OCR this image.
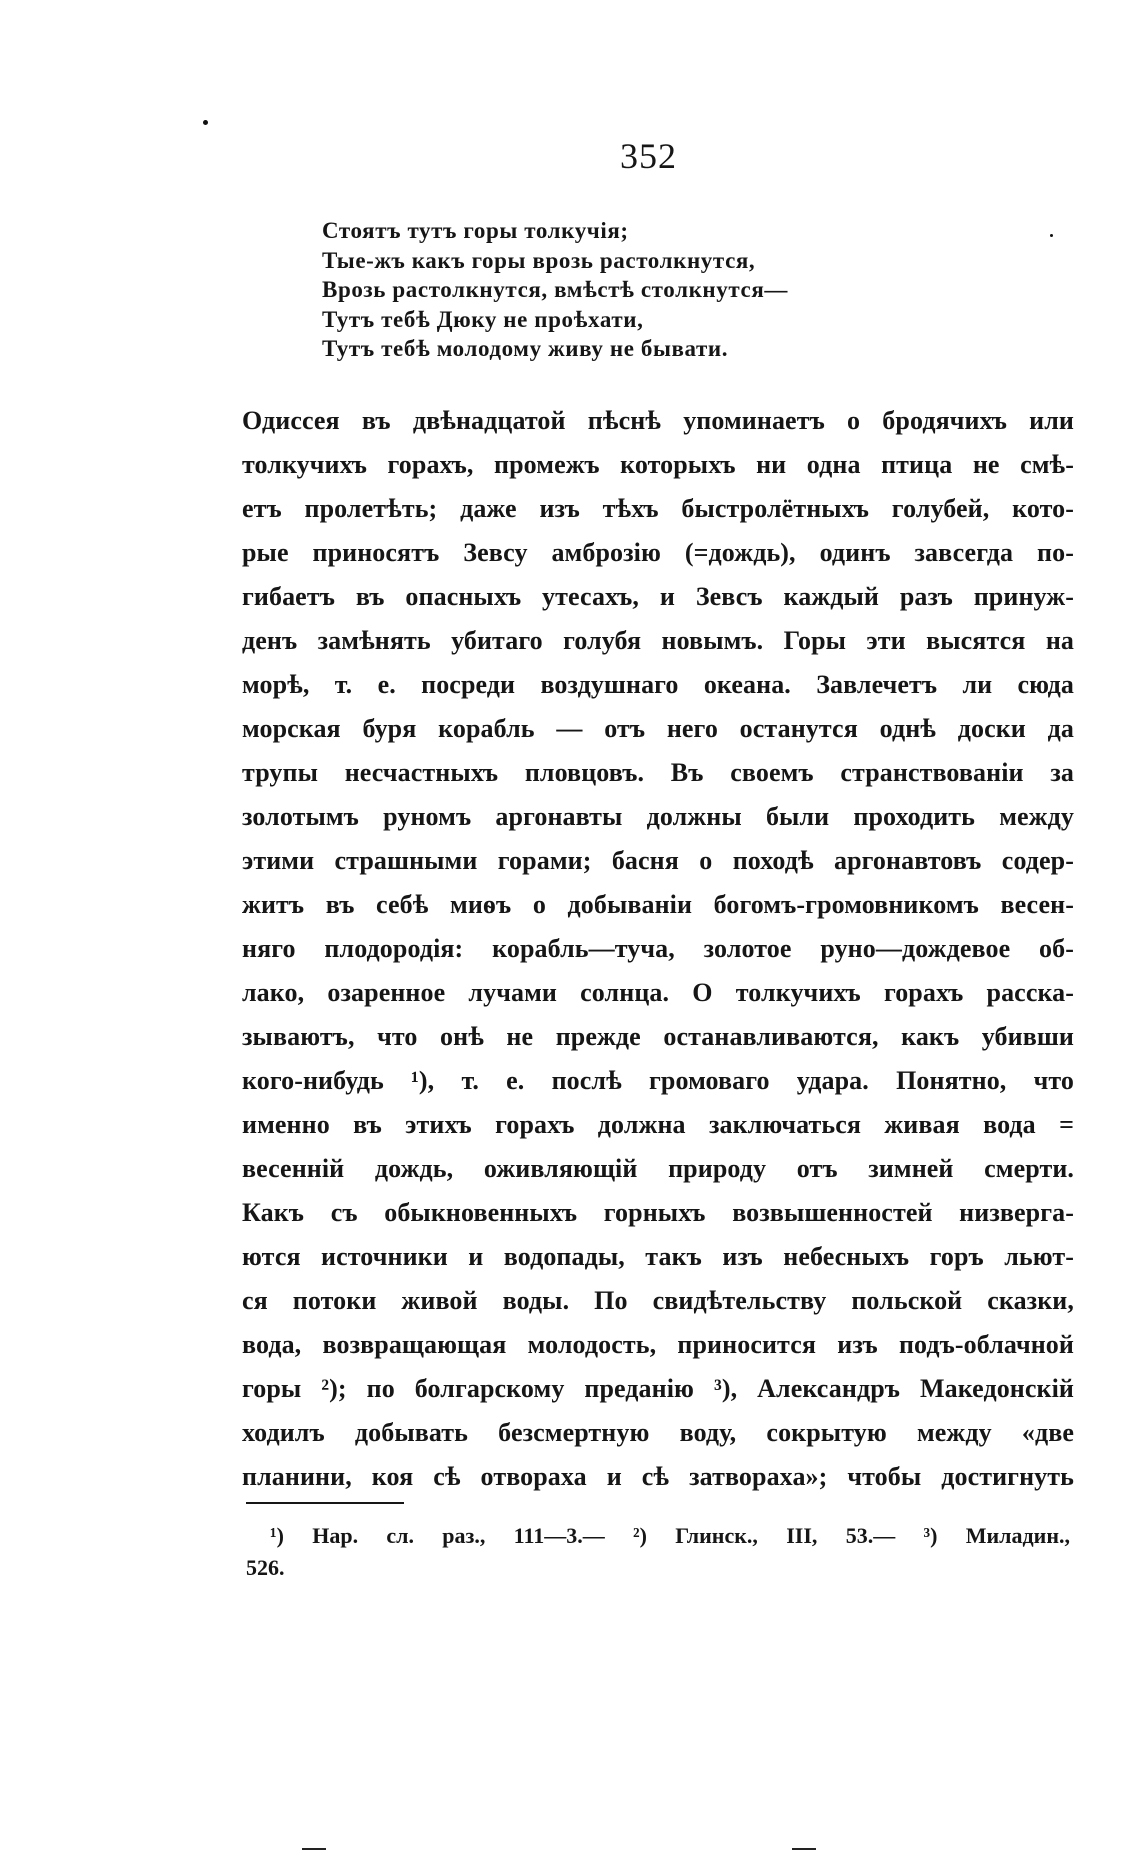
352
Стоятъ тутъ горы толкучія;
Тые-жъ какъ горы врозь растолкнутся,
Врозь растолкнутся, вмѣстѣ столкнутся—
Тутъ тебѣ Дюку не проѣхати,
Тутъ тебѣ молодому живу не бывати.
Одиссея въ двѣнадцатой пѣснѣ упоминаетъ о бродячихъ или
толкучихъ горахъ, промежъ которыхъ ни одна птица не смѣ-
етъ пролетѣть; даже изъ тѣхъ быстролётныхъ голубей, кото-
рые приносятъ Зевсу амброзію (=дождь), одинъ завсегда по-
гибаетъ въ опасныхъ утесахъ, и Зевсъ каждый разъ принуж-
денъ замѣнять убитаго голубя новымъ. Горы эти высятся на
морѣ, т. е. посреди воздушнаго океана. Завлечетъ ли сюда
морская буря корабль — отъ него останутся однѣ доски да
трупы несчастныхъ пловцовъ. Въ своемъ странствованіи за
золотымъ руномъ аргонавты должны были проходить между
этими страшными горами; басня о походѣ аргонавтовъ содер-
житъ въ себѣ миѳъ о добываніи богомъ-громовникомъ весен-
няго плодородія: корабль—туча, золотое руно—дождевое об-
лако, озаренное лучами солнца. О толкучихъ горахъ расска-
зываютъ, что онѣ не прежде останавливаются, какъ убивши
кого-нибудь ¹), т. е. послѣ громоваго удара. Понятно, что
именно въ этихъ горахъ должна заключаться живая вода =
весенній дождь, оживляющій природу отъ зимней смерти.
Какъ съ обыкновенныхъ горныхъ возвышенностей низверга-
ются источники и водопады, такъ изъ небесныхъ горъ льют-
ся потоки живой воды. По свидѣтельству польской сказки,
вода, возвращающая молодость, приносится изъ подъ-облачной
горы ²); по болгарскому преданію ³), Александръ Македонскій
ходилъ добывать безсмертную воду, сокрытую между «две
планини, коя сѣ отвораха и сѣ затвораха»; чтобы достигнуть
¹) Нар. сл. раз., 111—3.— ²) Глинск., III, 53.— ³) Миладин.,
526.
